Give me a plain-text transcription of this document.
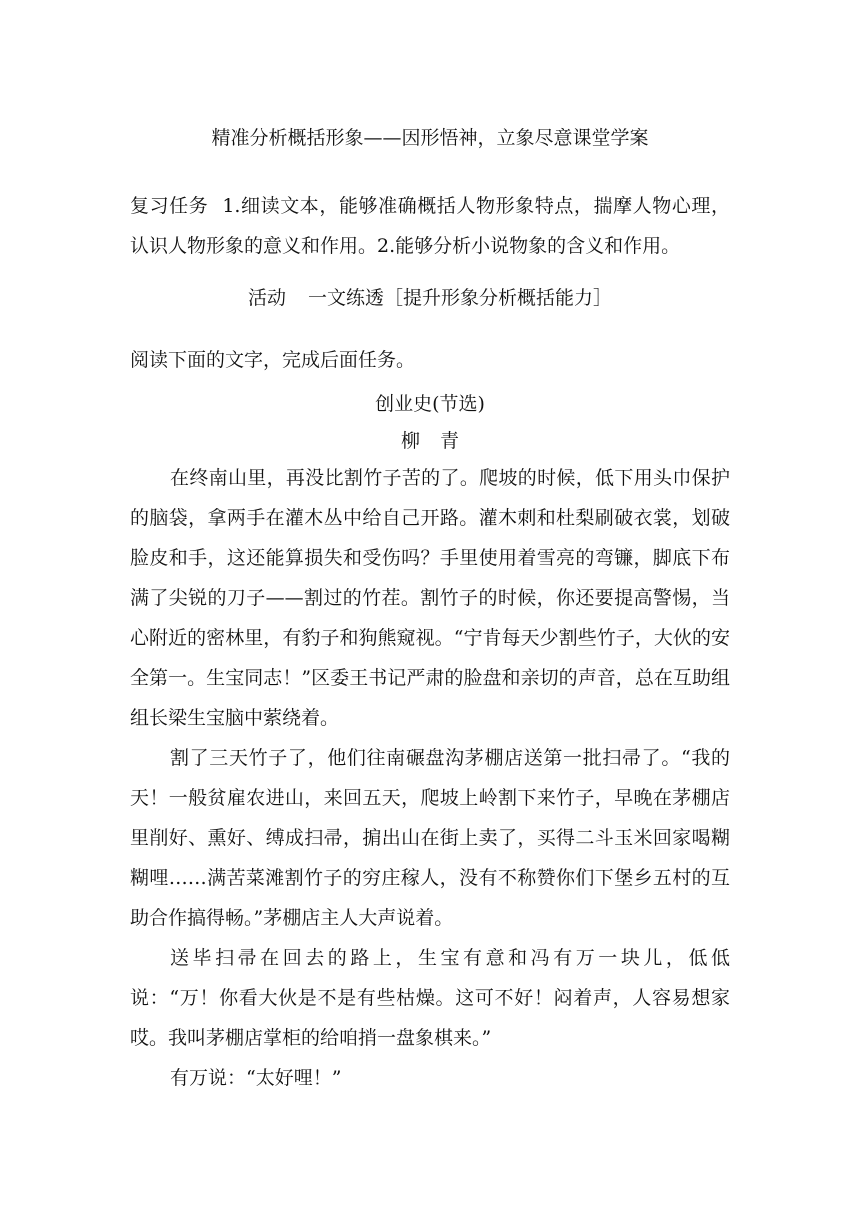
精准分析概括形象——因形悟神，立象尽意课堂学案
复习任务 1.细读文本，能够准确概括人物形象特点，揣摩人物心理，认识人物形象的意义和作用。2.能够分析小说物象的含义和作用。
活动 一文练透［提升形象分析概括能力］
阅读下面的文字，完成后面任务。
创业史(节选)
柳青

在终南山里，再没比割竹子苦的了。爬坡的时候，低下用头巾保护的脑袋，拿两手在灌木丛中给自己开路。灌木刺和杜梨刷破衣裳，划破脸皮和手，这还能算损失和受伤吗？手里使用着雪亮的弯镰，脚底下布满了尖锐的刀子——割过的竹茬。割竹子的时候，你还要提高警惕，当心附近的密林里，有豹子和狗熊窥视。“宁肯每天少割些竹子，大伙的安全第一。生宝同志！”区委王书记严肃的脸盘和亲切的声音，总在互助组组长梁生宝脑中萦绕着。

割了三天竹子了，他们往南碾盘沟茅棚店送第一批扫帚了。“我的天！一般贫雇农进山，来回五天，爬坡上岭割下来竹子，早晚在茅棚店里削好、熏好、缚成扫帚，掮出山在街上卖了，买得二斗玉米回家喝糊糊哩……满苦菜滩割竹子的穷庄稼人，没有不称赞你们下堡乡五村的互助合作搞得畅。”茅棚店主人大声说着。

送毕扫帚在回去的路上，生宝有意和冯有万一块儿，低低说：“万！你看大伙是不是有些枯燥。这可不好！闷着声，人容易想家哎。我叫茅棚店掌柜的给咱捎一盘象棋来。”

有万说：“太好哩！”
